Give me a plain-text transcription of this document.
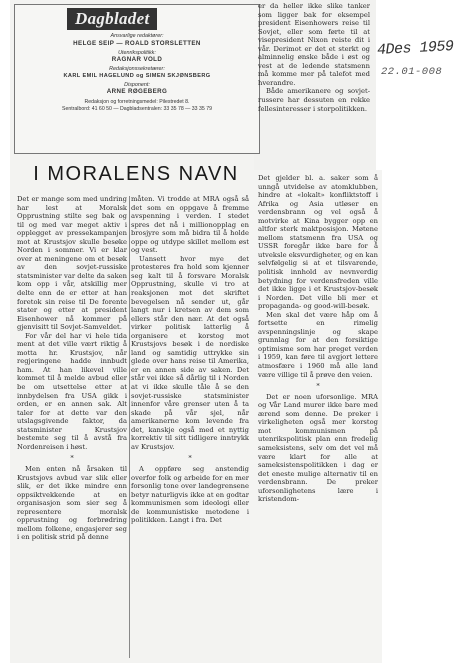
Dagbladet
Ansvarlige redaktører:
HELGE SEIP — ROALD STORSLETTEN
Utenrikspolitikk:
RAGNAR VOLD
Redaksjonssekretærer:
KARL EMIL HAGELUND og SIMEN SKJØNSBERG
Disponent:
ARNE RØGEBERG
Redaksjon og forretningsmedel: Pilestredet 8.
Sentralbord: 41 60 50 — Dagbladsentralen: 33 35 78 — 33 35 79
I MORALENS NAVN

Det er mange som med undring har lest at Moralsk Opprustning stilte seg bak og til og med var meget aktiv i opplegget av pressekampanjen mot at Krustsjov skulle besøke Norden i sommer. Vi er klar over at meningene om et besøk av den sovjet-russiske statsminister var delte da saken kom opp i vår, atskillig mer delte enn de er etter at han foretok sin reise til De forente stater og etter at president Eisenhower nå kommer på gjenvisitt til Sovjet-Samveldet.

For vår del har vi hele tida ment at det ville vært riktig å motta hr. Krustsjov, når regjeringene hadde innbudt ham. At han likevel ville kommet til å melde avbud eller be om utsettelse etter at innbydelsen fra USA gikk i orden, er en annen sak. Alt taler for at dette var den utslagsgivende faktor, da statsminister Krustsjov bestemte seg til å avstå fra Nordenreisen i høst.

*

Men enten nå årsaken til Krustsjovs avbud var slik eller slik, er det ikke mindre enn oppsiktvekkende at en organisasjon som sier seg å representere moralsk opprustning og forbrødring mellom folkene, engasjerer seg i en politisk strid på denne

måten. Vi trodde at MRA også så det som en oppgave å fremme avspenning i verden. I stedet spres det nå i millionopplag en brosjyre som må bidra til å holde oppe og utdype skillet mellom øst og vest.

Uansett hvor mye det protesteres fra hold som kjenner seg kalt til å forsvare Moralsk Opprustning, skulle vi tro at reaksjonen mot det skriftet bevegelsen nå sender ut, går langt nur i kretsen av dem som ellers står den nær. At det også virker politisk latterlig å organisere et korstog mot Krustsjovs besøk i de nordiske land og samtidig uttrykke sin glede over hans reise til Amerika, er en annen side av saken. Det står vei ikke så dårlig til i Norden at vi ikke skulle tåle å se den sovjet-russiske statsminister innenfor våre grenser uten å ta skade på vår sjel, når amerikanerne kom levende fra det, kanskje også med et nyttig korrektiv til sitt tidligere inntrykk av Krustsjov.

*

A oppføre seg anstendig overfor folk og arbeide for en mer forsonlig tone over landegrensene betyr naturligvis ikke at en godtar kommunismen som ideologi eller de kommunistiske metodene i politikken. Langt i fra. Det

er da heller ikke slike tanker som ligger bak for eksempel president Eisenhowers reise til Sovjet, eller som førte til at visepresident Nixon reiste dit i vår. Derimot er det et sterkt og alminnelig ønske både i øst og vest at de ledende statsmenn må komme mer på talefot med hverandre.

Både amerikanere og sovjet-russere har dessuten en rekke fellesinteresser i storpolitikken.

Det gjelder bl. a. saker som å unngå utvidelse av atomklubben, hindre at «lokalt» konfliktstoff i Afrika og Asia utløser en verdensbrann og vel også å motvirke at Kina bygger opp en altfor sterk maktposisjon. Møtene mellom statsmenn fra USA og USSR foregår ikke bare for å utveksle eksvurdigheter, og en kan selvfølgelig si at et tilsvarende, politisk innhold av nevnverdig betydning for verdensfreden ville det ikke ligge i et Krustsjov-besøk i Norden. Det ville bli mer et propaganda- og good-will-besøk.

Men skal det være håp om å fortsette en rimelig avspenningslinje og skape grunnlag for at den forsiktige optimisme som har preget verden i 1959, kan føre til avgjort lettere atmosfære i 1960 må alle land være villige til å prøve den veien.

*

Det er noen uforsonlige. MRA og Vår Land murer ikke bare med ærend som denne. De preker i virkeligheten også mer korstog mot kommunismen på utenrikspolitisk plan enn fredelig sameksistens, selv om det vel må være klart for alle at sameksistenspolitikken i dag er det eneste mulige alternativ til en verdensbrann. De preker uforsonlighetens lære i kristendom-

4Des 1959
22.01-008
